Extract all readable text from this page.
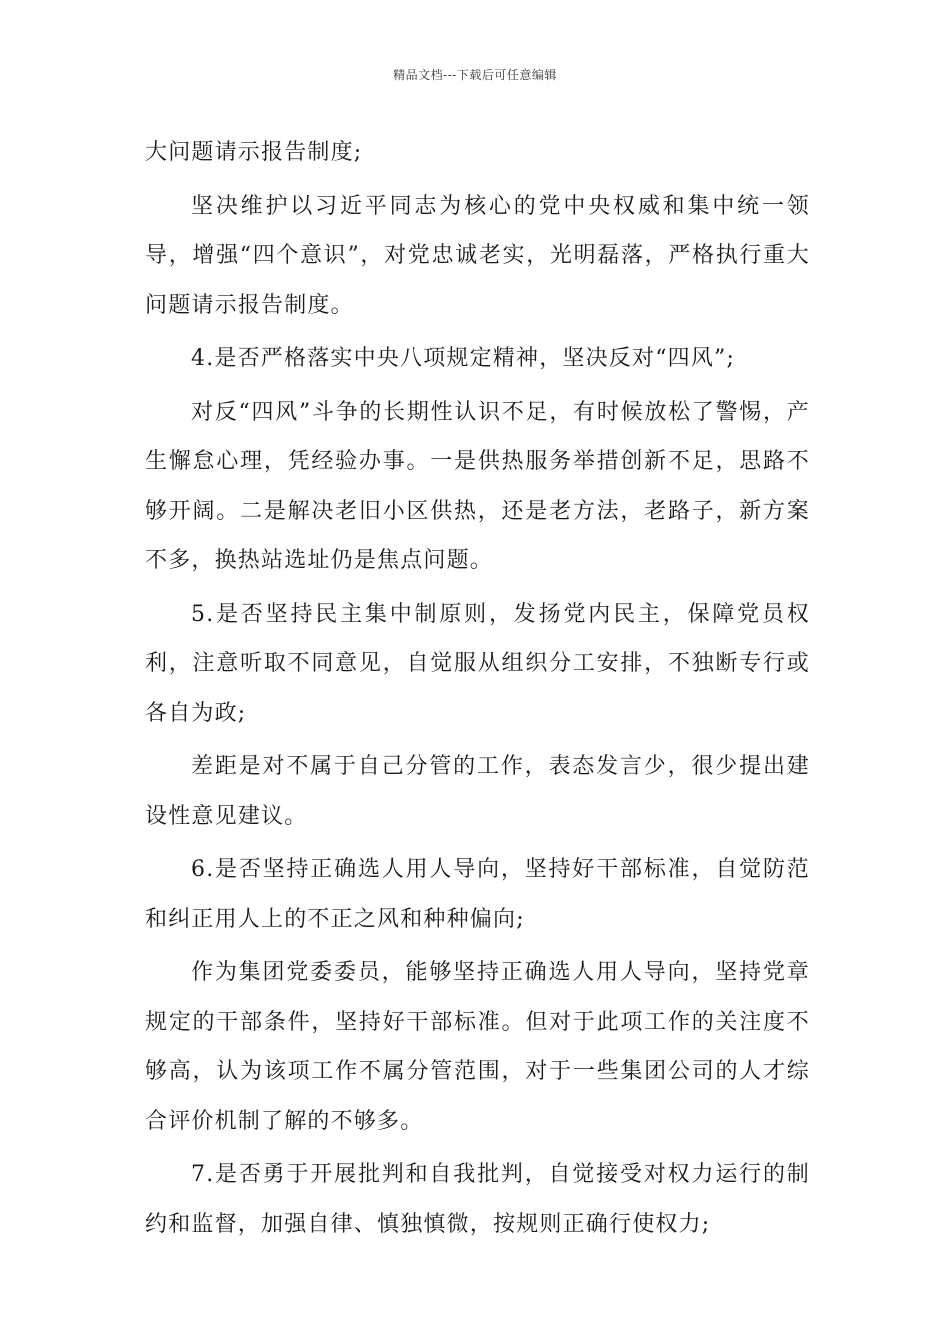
精品文档---下载后可任意编辑

大问题请示报告制度;

坚决维护以习近平同志为核心的党中央权威和集中统一领导，增强“四个意识”，对党忠诚老实，光明磊落，严格执行重大问题请示报告制度。

4.是否严格落实中央八项规定精神，坚决反对“四风”;

对反“四风”斗争的长期性认识不足，有时候放松了警惕，产生懈怠心理，凭经验办事。一是供热服务举措创新不足，思路不够开阔。二是解决老旧小区供热，还是老方法，老路子，新方案不多，换热站选址仍是焦点问题。

5.是否坚持民主集中制原则，发扬党内民主，保障党员权利，注意听取不同意见，自觉服从组织分工安排，不独断专行或各自为政;

差距是对不属于自己分管的工作，表态发言少，很少提出建设性意见建议。

6.是否坚持正确选人用人导向，坚持好干部标准，自觉防范和纠正用人上的不正之风和种种偏向;

作为集团党委委员，能够坚持正确选人用人导向，坚持党章规定的干部条件，坚持好干部标准。但对于此项工作的关注度不够高，认为该项工作不属分管范围，对于一些集团公司的人才综合评价机制了解的不够多。

7.是否勇于开展批判和自我批判，自觉接受对权力运行的制约和监督，加强自律、慎独慎微，按规则正确行使权力;
